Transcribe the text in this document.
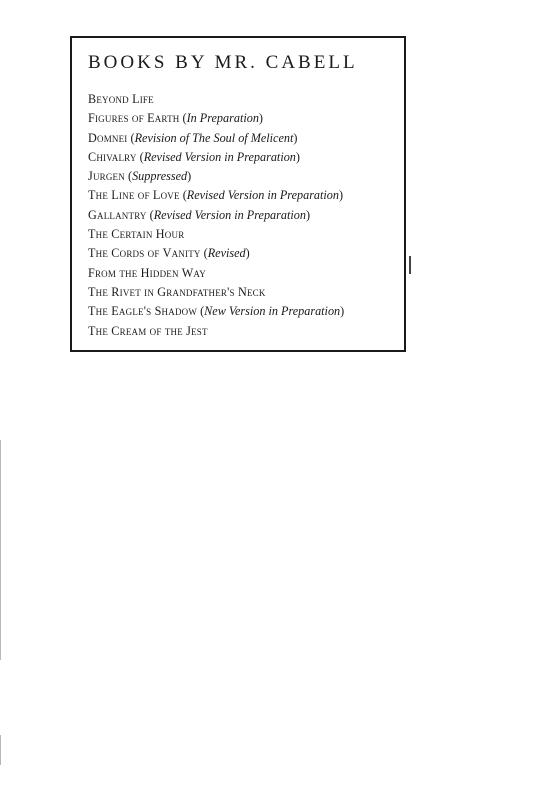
BOOKS BY MR. CABELL
Beyond Life
Figures of Earth (In Preparation)
Domnei (Revision of The Soul of Melicent)
Chivalry (Revised Version in Preparation)
Jurgen (Suppressed)
The Line of Love (Revised Version in Preparation)
Gallantry (Revised Version in Preparation)
The Certain Hour
The Cords of Vanity (Revised)
From the Hidden Way
The Rivet in Grandfather's Neck
The Eagle's Shadow (New Version in Preparation)
The Cream of the Jest
